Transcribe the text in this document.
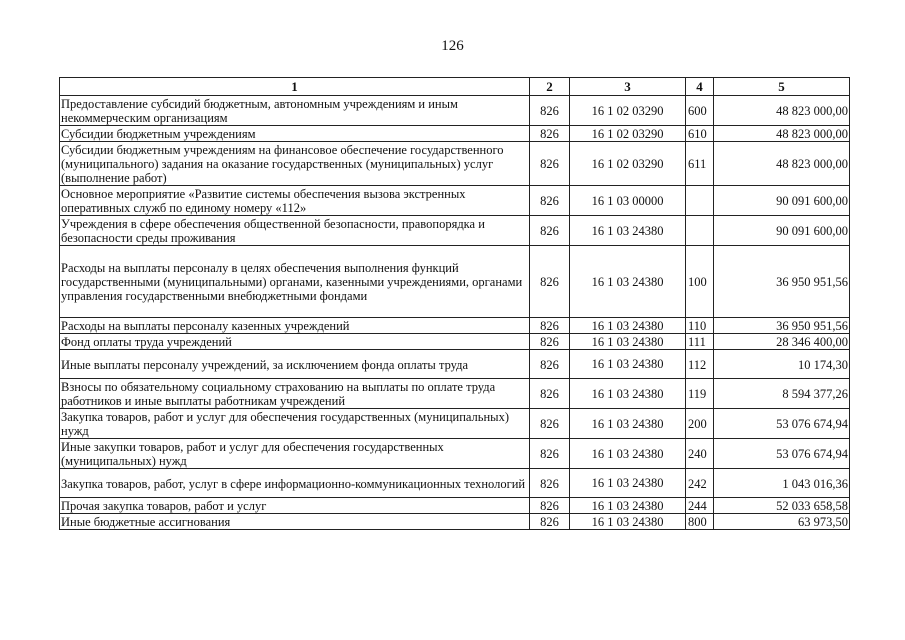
126
1	2	3	4	5
Предоставление субсидий бюджетным, автономным учреждениям и иным некоммерческим организациям	826	16 1 02 03290	600	48 823 000,00
Субсидии бюджетным учреждениям	826	16 1 02 03290	610	48 823 000,00
Субсидии бюджетным учреждениям на финансовое обеспечение государственного (муниципального) задания на оказание государственных (муниципальных) услуг (выполнение работ)	826	16 1 02 03290	611	48 823 000,00
Основное мероприятие «Развитие системы обеспечения вызова экстренных оперативных служб по единому номеру «112»	826	16 1 03 00000		90 091 600,00
Учреждения в сфере обеспечения общественной безопасности, правопорядка и безопасности среды проживания	826	16 1 03 24380		90 091 600,00
Расходы на выплаты персоналу в целях обеспечения выполнения функций государственными (муниципальными) органами, казенными учреждениями, органами управления государственными внебюджетными фондами	826	16 1 03 24380	100	36 950 951,56
Расходы на выплаты персоналу казенных учреждений	826	16 1 03 24380	110	36 950 951,56
Фонд оплаты труда учреждений	826	16 1 03 24380	111	28 346 400,00
Иные выплаты персоналу учреждений, за исключением фонда оплаты труда	826	16 1 03 24380	112	10 174,30
Взносы по обязательному социальному страхованию на выплаты по оплате труда работников и иные выплаты работникам учреждений	826	16 1 03 24380	119	8 594 377,26
Закупка товаров, работ и услуг для обеспечения государственных (муниципальных) нужд	826	16 1 03 24380	200	53 076 674,94
Иные закупки товаров, работ и услуг для обеспечения государственных (муниципальных) нужд	826	16 1 03 24380	240	53 076 674,94
Закупка товаров, работ, услуг в сфере информационно-коммуникационных технологий	826	16 1 03 24380	242	1 043 016,36
Прочая закупка товаров, работ и услуг	826	16 1 03 24380	244	52 033 658,58
Иные бюджетные ассигнования	826	16 1 03 24380	800	63 973,50
